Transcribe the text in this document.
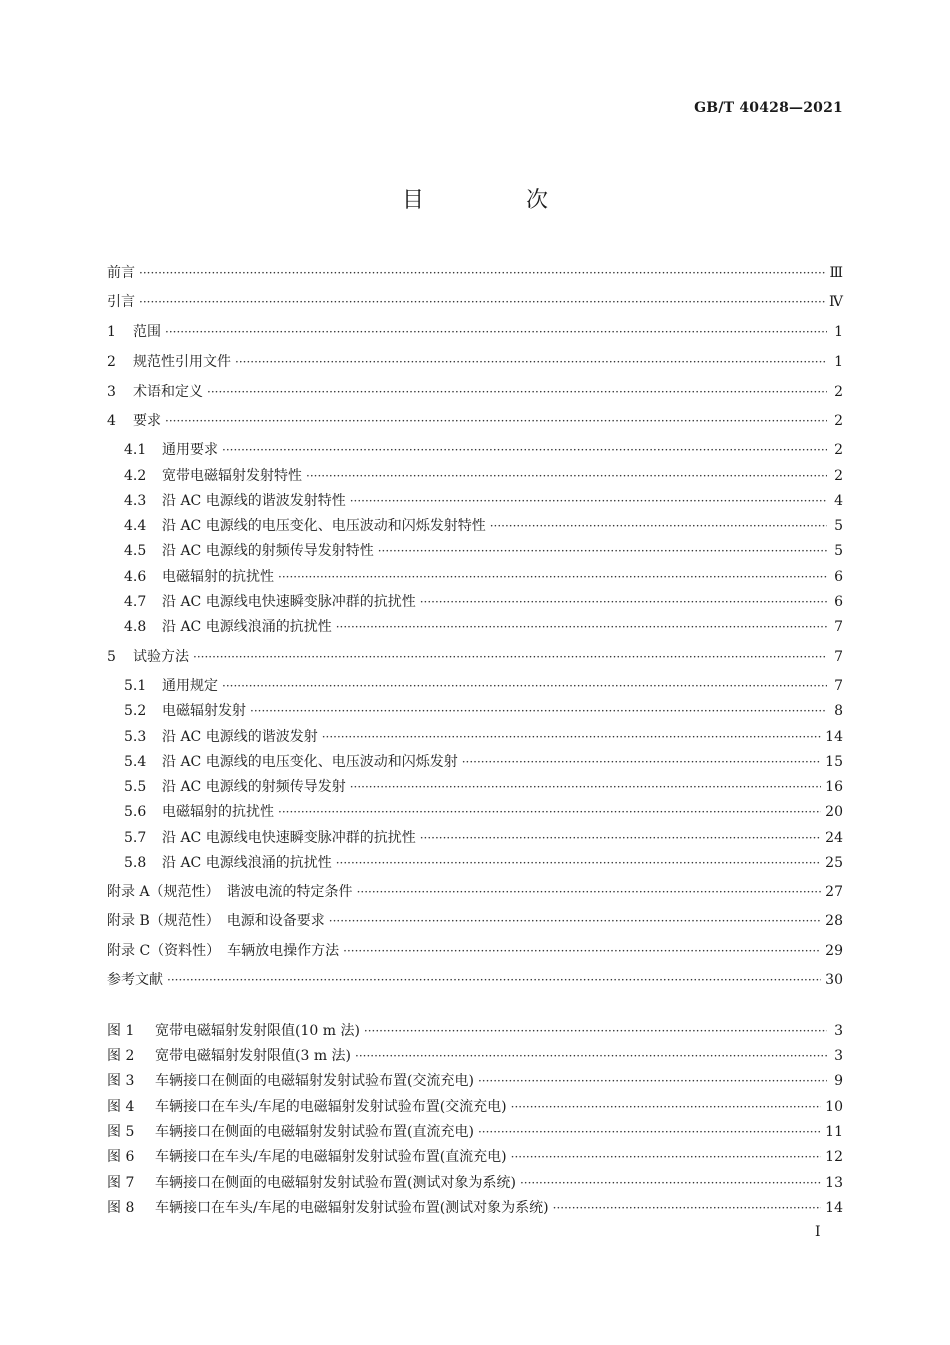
GB/T 40428—2021
目　次
前言 ·····	Ⅲ
引言 ·····	Ⅳ
1	范围 ·····	1
2	规范性引用文件 ·····	1
3	术语和定义 ·····	2
4	要求 ·····	2
4.1	通用要求 ·····	2
4.2	宽带电磁辐射发射特性 ·····	2
4.3	沿 AC 电源线的谐波发射特性 ·····	4
4.4	沿 AC 电源线的电压变化、电压波动和闪烁发射特性 ·····	5
4.5	沿 AC 电源线的射频传导发射特性 ·····	5
4.6	电磁辐射的抗扰性 ·····	6
4.7	沿 AC 电源线电快速瞬变脉冲群的抗扰性 ·····	6
4.8	沿 AC 电源线浪涌的抗扰性 ·····	7
5	试验方法 ·····	7
5.1	通用规定 ·····	7
5.2	电磁辐射发射 ·····	8
5.3	沿 AC 电源线的谐波发射 ·····	14
5.4	沿 AC 电源线的电压变化、电压波动和闪烁发射 ·····	15
5.5	沿 AC 电源线的射频传导发射 ·····	16
5.6	电磁辐射的抗扰性 ·····	20
5.7	沿 AC 电源线电快速瞬变脉冲群的抗扰性 ·····	24
5.8	沿 AC 电源线浪涌的抗扰性 ·····	25
附录 A（规范性）　谐波电流的特定条件 ·····	27
附录 B（规范性）　电源和设备要求 ·····	28
附录 C（资料性）　车辆放电操作方法 ·····	29
参考文献 ·····	30
图 1	宽带电磁辐射发射限值(10 m 法) ·····	3
图 2	宽带电磁辐射发射限值(3 m 法) ·····	3
图 3	车辆接口在侧面的电磁辐射发射试验布置(交流充电) ·····	9
图 4	车辆接口在车头/车尾的电磁辐射发射试验布置(交流充电) ·····	10
图 5	车辆接口在侧面的电磁辐射发射试验布置(直流充电) ·····	11
图 6	车辆接口在车头/车尾的电磁辐射发射试验布置(直流充电) ·····	12
图 7	车辆接口在侧面的电磁辐射发射试验布置(测试对象为系统) ·····	13
图 8	车辆接口在车头/车尾的电磁辐射发射试验布置(测试对象为系统) ·····	14
Ⅰ
